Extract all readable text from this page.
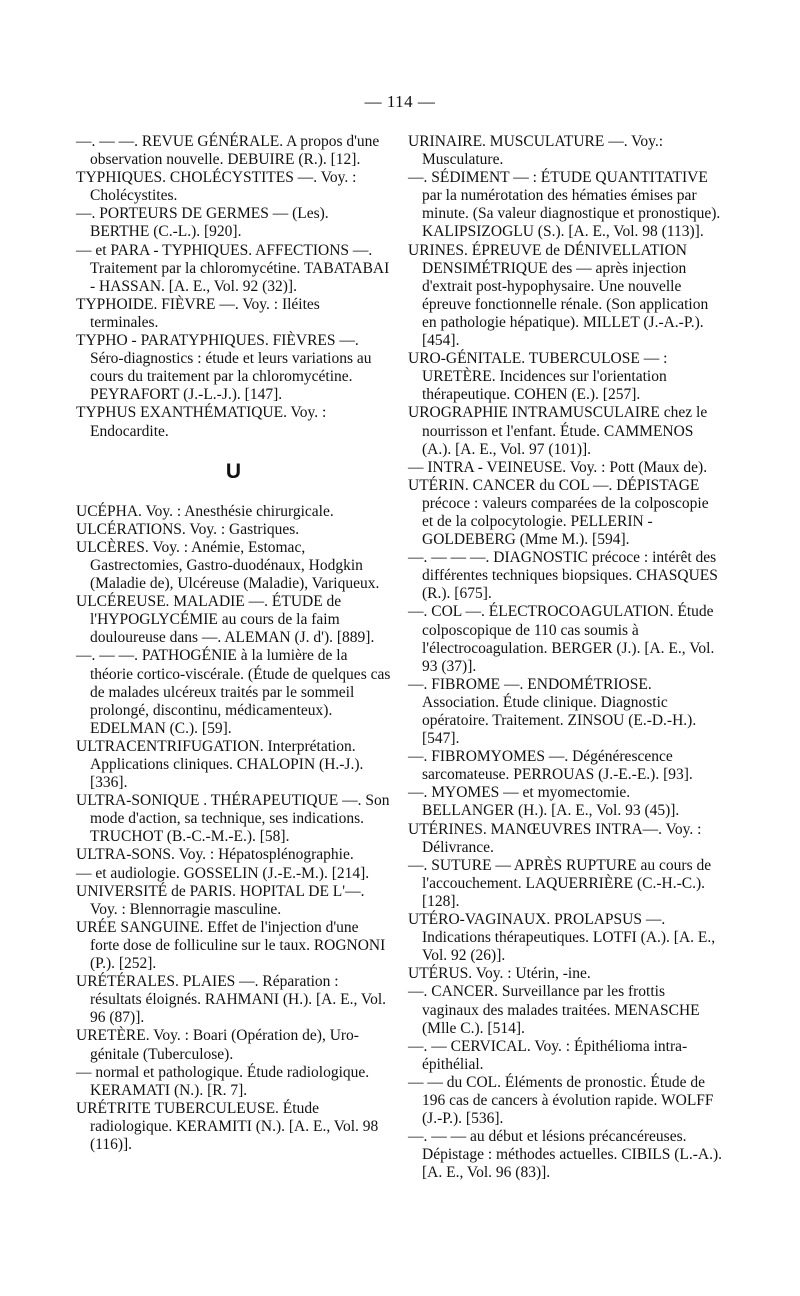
— 114 —

—. — —. REVUE GÉNÉRALE. A propos d'une observation nouvelle. DEBUIRE (R.). [12].

TYPHIQUES. CHOLÉCYSTITES —. Voy. : Cholécystites.

—. PORTEURS DE GERMES — (Les). BERTHE (C.-L.). [920].

— et PARA - TYPHIQUES. AFFECTIONS —. Traitement par la chloromycétine. TABATABAI - HASSAN. [A. E., Vol. 92 (32)].

TYPHOIDE. FIÈVRE —. Voy. : Iléites terminales.

TYPHO - PARATYPHIQUES. FIÈVRES —. Séro-diagnostics : étude et leurs variations au cours du traitement par la chloromycétine. PEYRAFORT (J.-L.-J.). [147].

TYPHUS EXANTHÉMATIQUE. Voy. : Endocardite.

U

UCÉPHA. Voy. : Anesthésie chirurgicale.

ULCÉRATIONS. Voy. : Gastriques.

ULCÈRES. Voy. : Anémie, Estomac, Gastrectomies, Gastro-duodénaux, Hodgkin (Maladie de), Ulcéreuse (Maladie), Variqueux.

ULCÉREUSE. MALADIE —. ÉTUDE de l'HYPOGLYCÉMIE au cours de la faim douloureuse dans —. ALEMAN (J. d'). [889].

—. — —. PATHOGÉNIE à la lumière de la théorie cortico-viscérale. (Étude de quelques cas de malades ulcéreux traités par le sommeil prolongé, discontinu, médicamenteux). EDELMAN (C.). [59].

ULTRACENTRIFUGATION. Interprétation. Applications cliniques. CHALOPIN (H.-J.). [336].

ULTRA-SONIQUE . THÉRAPEUTIQUE —. Son mode d'action, sa technique, ses indications. TRUCHOT (B.-C.-M.-E.). [58].

ULTRA-SONS. Voy. : Hépatosplénographie.

— et audiologie. GOSSELIN (J.-E.-M.). [214].

UNIVERSITÉ de PARIS. HOPITAL DE L'—. Voy. : Blennorragie masculine.

URÉE SANGUINE. Effet de l'injection d'une forte dose de folliculine sur le taux. ROGNONI (P.). [252].

URÉTÉRALES. PLAIES —. Réparation : résultats éloignés. RAHMANI (H.). [A. E., Vol. 96 (87)].

URETÈRE. Voy. : Boari (Opération de), Uro-génitale (Tuberculose).

— normal et pathologique. Étude radiologique. KERAMATI (N.). [R. 7].

URÉTRITE TUBERCULEUSE. Étude radiologique. KERAMITI (N.). [A. E., Vol. 98 (116)].

URINAIRE. MUSCULATURE —. Voy.: Musculature.

—. SÉDIMENT — : ÉTUDE QUANTITATIVE par la numérotation des hématies émises par minute. (Sa valeur diagnostique et pronostique). KALIPSIZOGLU (S.). [A. E., Vol. 98 (113)].

URINES. ÉPREUVE de DÉNIVELLATION DENSIMÉTRIQUE des — après injection d'extrait post-hypophysaire. Une nouvelle épreuve fonctionnelle rénale. (Son application en pathologie hépatique). MILLET (J.-A.-P.). [454].

URO-GÉNITALE. TUBERCULOSE — : URETÈRE. Incidences sur l'orientation thérapeutique. COHEN (E.). [257].

UROGRAPHIE INTRAMUSCULAIRE chez le nourrisson et l'enfant. Étude. CAMMENOS (A.). [A. E., Vol. 97 (101)].

— INTRA - VEINEUSE. Voy. : Pott (Maux de).

UTÉRIN. CANCER du COL —. DÉPISTAGE précoce : valeurs comparées de la colposcopie et de la colpocytologie. PELLERIN - GOLDEBERG (Mme M.). [594].

—. — — —. DIAGNOSTIC précoce : intérêt des différentes techniques biopsiques. CHASQUES (R.). [675].

—. COL —. ÉLECTROCOAGULATION. Étude colposcopique de 110 cas soumis à l'électrocoagulation. BERGER (J.). [A. E., Vol. 93 (37)].

—. FIBROME —. ENDOMÉTRIOSE. Association. Étude clinique. Diagnostic opératoire. Traitement. ZINSOU (E.-D.-H.). [547].

—. FIBROMYOMES —. Dégénérescence sarcomateuse. PERROUAS (J.-E.-E.). [93].

—. MYOMES — et myomectomie. BELLANGER (H.). [A. E., Vol. 93 (45)].

UTÉRINES. MANŒUVRES INTRA—. Voy. : Délivrance.

—. SUTURE — APRÈS RUPTURE au cours de l'accouchement. LAQUERRIÈRE (C.-H.-C.). [128].

UTÉRO-VAGINAUX. PROLAPSUS —. Indications thérapeutiques. LOTFI (A.). [A. E., Vol. 92 (26)].

UTÉRUS. Voy. : Utérin, -ine.

—. CANCER. Surveillance par les frottis vaginaux des malades traitées. MENASCHE (Mlle C.). [514].

—. — CERVICAL. Voy. : Épithélioma intra-épithélial.

— — du COL. Éléments de pronostic. Étude de 196 cas de cancers à évolution rapide. WOLFF (J.-P.). [536].

—. — — au début et lésions précancéreuses. Dépistage : méthodes actuelles. CIBILS (L.-A.). [A. E., Vol. 96 (83)].
